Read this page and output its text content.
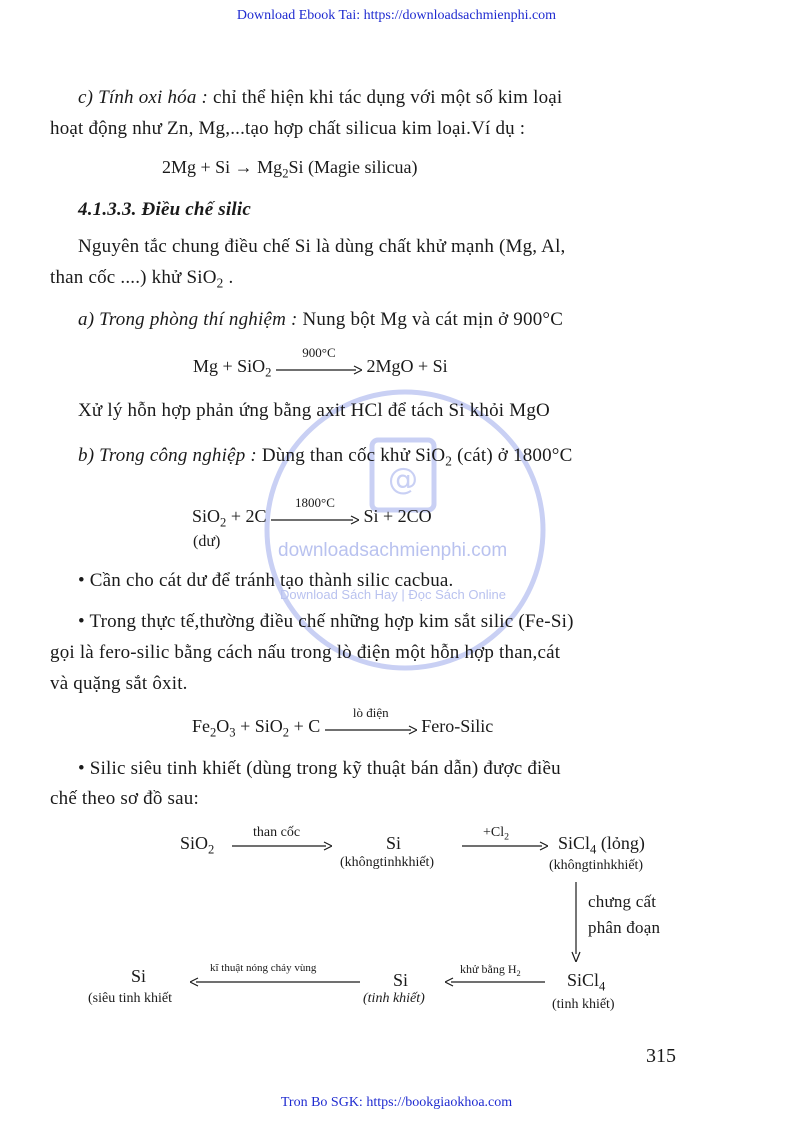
@
downloadsachmienphi.com
Download Sách Hay | Đọc Sách Online
Download Ebook Tai: https://downloadsachmienphi.com
c) Tính oxi hóa : chỉ thể hiện khi tác dụng với một số kim loại
hoạt động như Zn, Mg,...tạo hợp chất silicua kim loại.Ví dụ :
$2Mg + Si \to Mg_2Si$ (Magie silicua)
4.1.3.3. Điều chế silic
Nguyên tắc chung điều chế Si là dùng chất khử mạnh (Mg, Al,
than cốc ....) khử SiO$_2$ .
a) Trong phòng thí nghiệm : Nung bột Mg và cát mịn ở 900°C
Mg + SiO$_2$
900°C
2MgO + Si
Xử lý hỗn hợp phản ứng bằng axit HCl để tách Si khỏi MgO
b) Trong công nghiệp : Dùng than cốc khử SiO$_2$ (cát) ở 1800°C
SiO$_2$ + 2C
1800°C
Si + 2CO
(dư)
• Cần cho cát dư để tránh tạo thành silic cacbua.
• Trong thực tế,thường điều chế những hợp kim sắt silic (Fe-Si)
gọi là fero-silic bằng cách nấu trong lò điện một hỗn hợp than,cát
và quặng sắt ôxit.
$Fe_2O_3 + SiO_2 + C$
lò điện
Fero-Silic
• Silic siêu tinh khiết (dùng trong kỹ thuật bán dẫn) được điều
chế theo sơ đồ sau:
SiO$_2$
than cốc
Si
(khôngtinhkhiết)
$+Cl_2$	SiCl$_4$ (lỏng)
(khôngtinhkhiết)
chưng cất
phân đoạn
SiCl$_4$
(tinh khiết)
khử bằng $H_2$
Si
(tinh khiết)
kĩ thuật nóng chảy vùng
Si
(siêu tinh khiết
315
Tron Bo SGK: https://bookgiaokhoa.com
